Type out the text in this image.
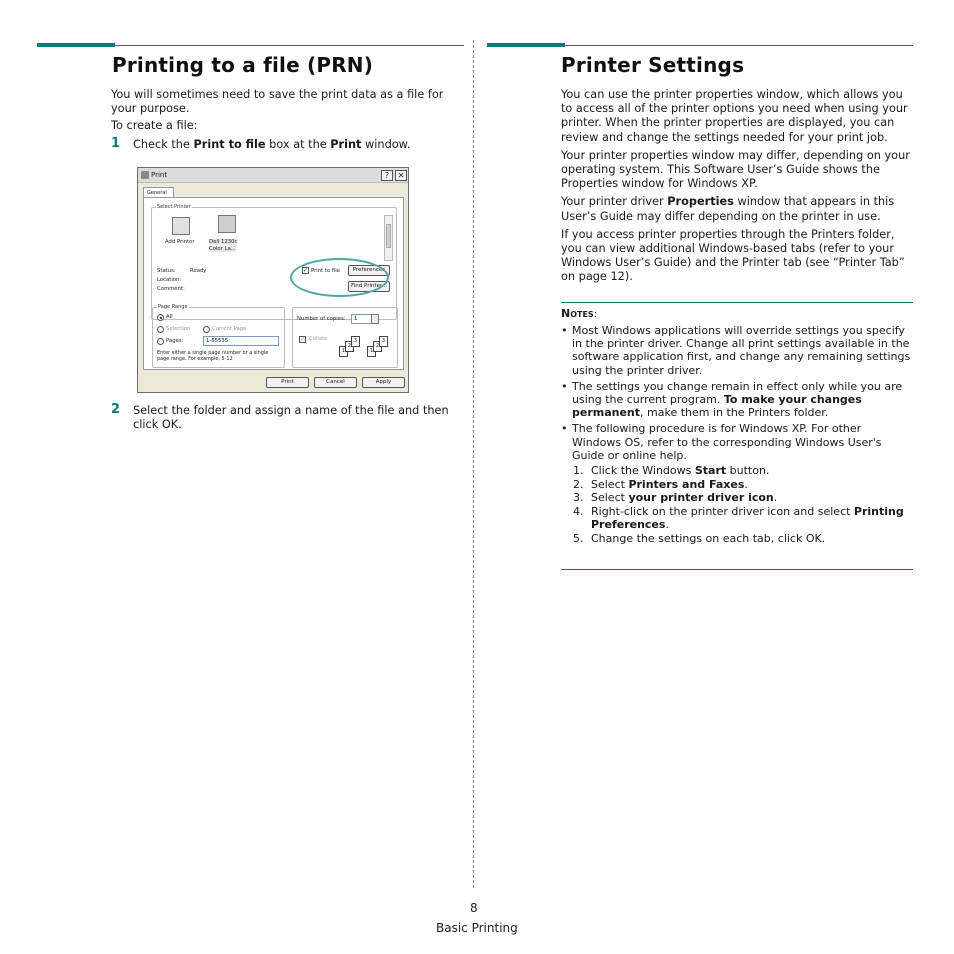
Printing to a file (PRN)

You will sometimes need to save the print data as a file for your purpose.

To create a file:

1 Check the Print to file box at the Print window.
Print	?	✕
General
Select Printer
Add Printer	Dell 1230c
Color La...
Status:	Ready
Location:
Comment:
✓ Print to file	Preferences
Find Printer...
Page Range
All
Selection	Current Page
Pages:	1-65535
Enter either a single page number or a single
page range. For example, 5-12
Number of copies:	1
✓ Collate
1
2
3
1
2
3
Print	Cancel	Apply
2 Select the folder and assign a name of the file and then click OK.
Printer Settings

You can use the printer properties window, which allows you to access all of the printer options you need when using your printer. When the printer properties are displayed, you can review and change the settings needed for your print job.

Your printer properties window may differ, depending on your operating system. This Software User’s Guide shows the Properties window for Windows XP.

Your printer driver Properties window that appears in this User’s Guide may differ depending on the printer in use.

If you access printer properties through the Printers folder, you can view additional Windows-based tabs (refer to your Windows User’s Guide) and the Printer tab (see “Printer Tab” on page 12).

Notes:
• Most Windows applications will override settings you specify in the printer driver. Change all print settings available in the software application first, and change any remaining settings using the printer driver.
• The settings you change remain in effect only while you are using the current program. To make your changes permanent, make them in the Printers folder.
• The following procedure is for Windows XP. For other Windows OS, refer to the corresponding Windows User's Guide or online help.
1. Click the Windows Start button.
2. Select Printers and Faxes.
3. Select your printer driver icon.
4. Right-click on the printer driver icon and select Printing Preferences.
5. Change the settings on each tab, click OK.
8
Basic Printing
